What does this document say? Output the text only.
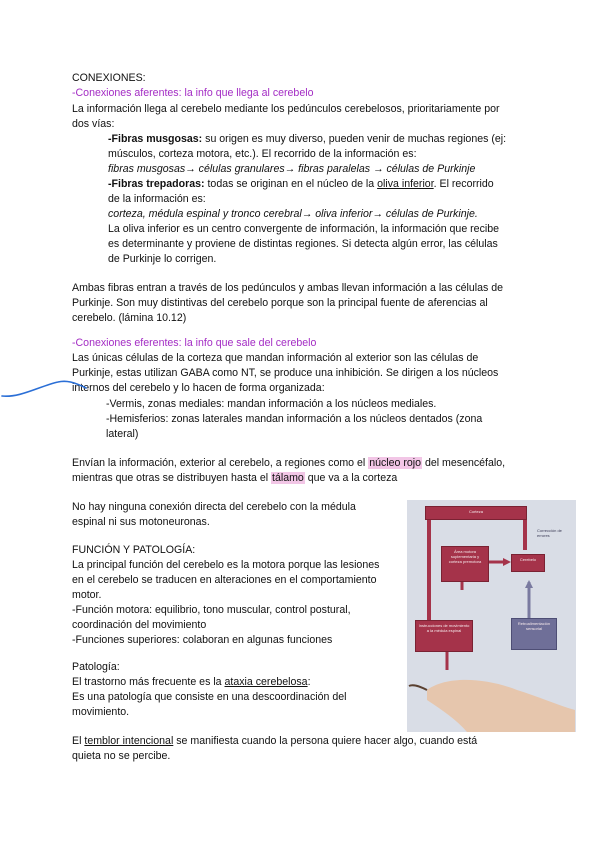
CONEXIONES:
-Conexiones aferentes: la info que llega al cerebelo
La información llega al cerebelo mediante los pedúnculos cerebelosos, prioritariamente por
dos vías:
-Fibras musgosas: su origen es muy diverso, pueden venir de muchas regiones (ej:
músculos, corteza motora, etc.). El recorrido de la información es:
fibras musgosas→ células granulares→ fibras paralelas → células de Purkinje
-Fibras trepadoras: todas se originan en el núcleo de la oliva inferior. El recorrido
de la información es:
corteza, médula espinal y tronco cerebral→ oliva inferior→ células de Purkinje.
La oliva inferior es un centro convergente de información, la información que recibe
es determinante y proviene de distintas regiones. Si detecta algún error, las células
de Purkinje lo corrigen.
Ambas fibras entran a través de los pedúnculos y ambas llevan información a las células de
Purkinje. Son muy distintivas del cerebelo porque son la principal fuente de aferencias al
cerebelo. (lámina 10.12)
-Conexiones eferentes: la info que sale del cerebelo
Las únicas células de la corteza que mandan información al exterior son las células de
Purkinje, estas utilizan GABA como NT, se produce una inhibición. Se dirigen a los núcleos
internos del cerebelo y lo hacen de forma organizada:
-Vermis, zonas mediales: mandan información a los núcleos mediales.
-Hemisferios: zonas laterales mandan información a los núcleos dentados (zona
lateral)
Envían la información, exterior al cerebelo, a regiones como el núcleo rojo del mesencéfalo,
mientras que otras se distribuyen hasta el tálamo que va a la corteza
No hay ninguna conexión directa del cerebelo con la médula
espinal ni sus motoneuronas.
FUNCIÓN Y PATOLOGÍA:
La principal función del cerebelo es la motora porque las lesiones
en el cerebelo se traducen en alteraciones en el comportamiento
motor.
-Función motora: equilibrio, tono muscular, control postural,
coordinación del movimiento
-Funciones superiores: colaboran en algunas funciones
Patología:
El trastorno más frecuente es la ataxia cerebelosa:
Es una patología que consiste en una descoordinación del
movimiento.
El temblor intencional se manifiesta cuando la persona quiere hacer algo, cuando está
quieta no se percibe.
Corteza
Área motora suplementaria y corteza premotora	Cerebelo
Corrección de errores
Instrucciones de movimiento a la médula espinal
Retroalimentación sensorial
